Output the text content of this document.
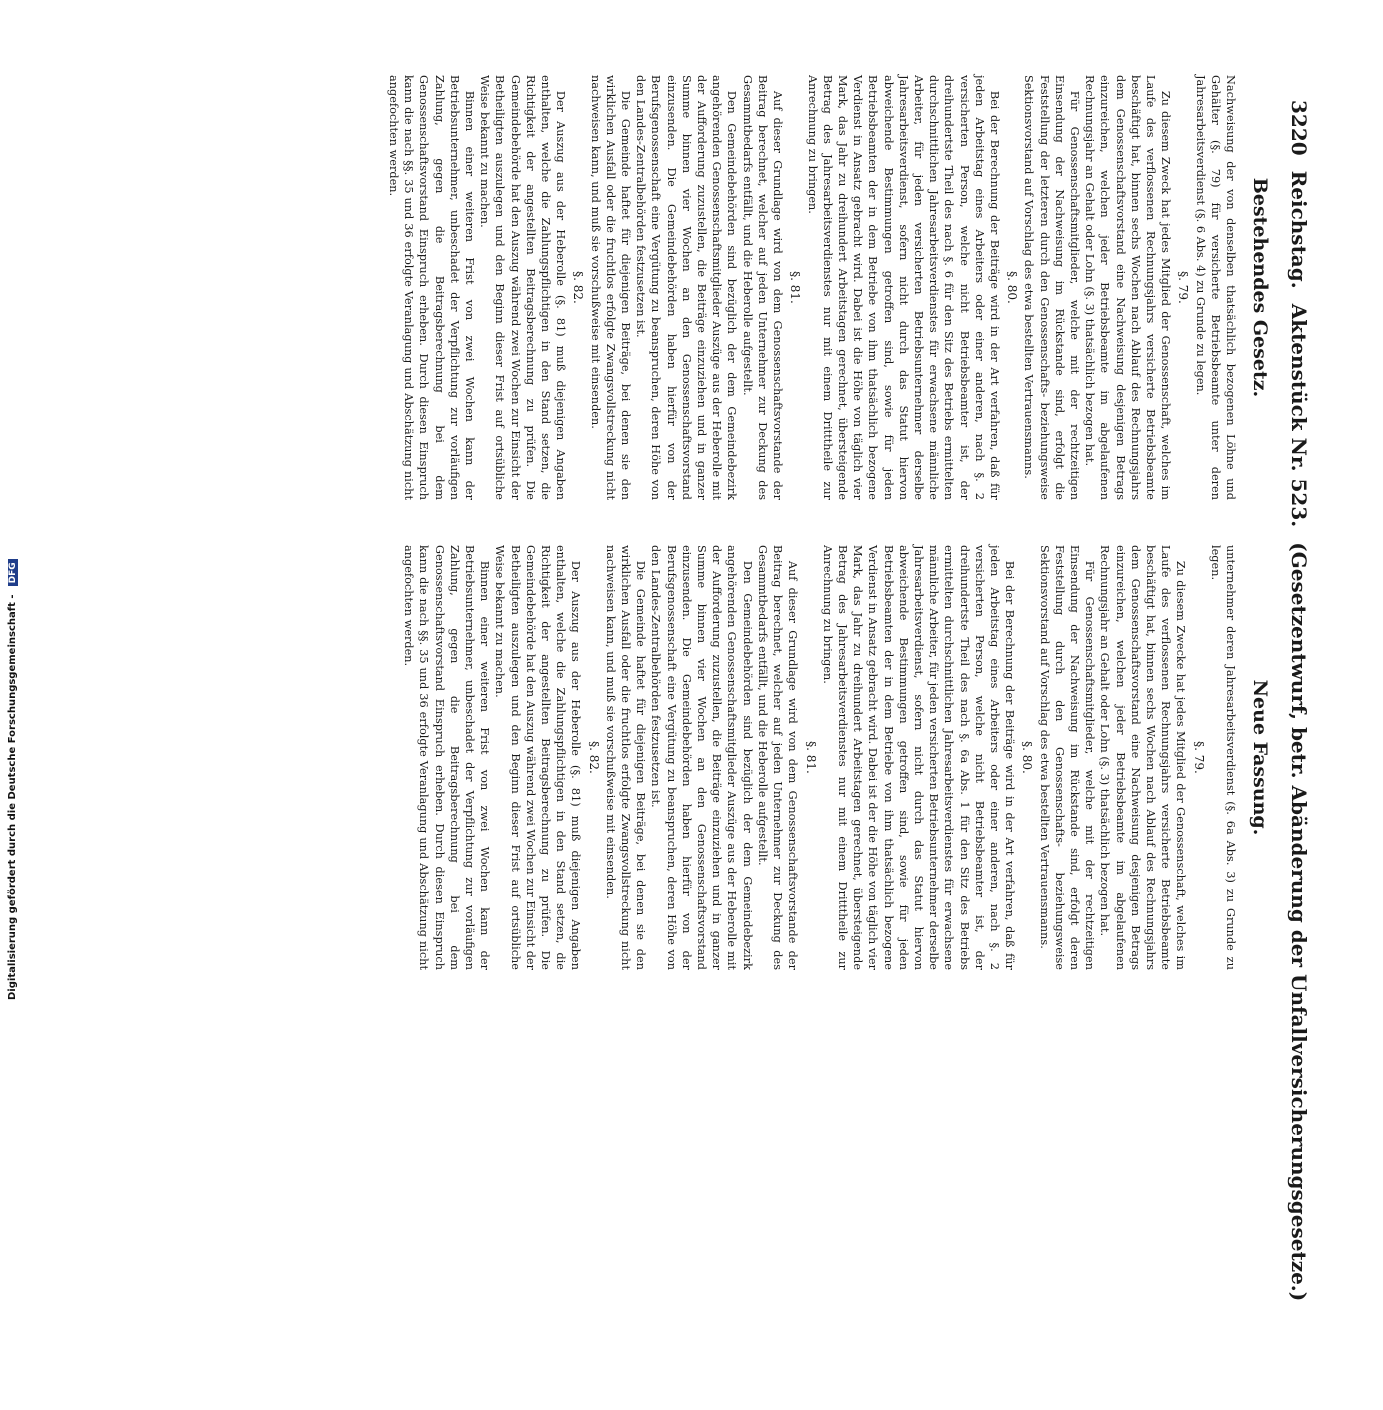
3220 Reichstag. Aktenstück Nr. 523. (Gesetzentwurf, betr. Abänderung der Unfallversicherungsgesetze.)
Bestehendes Gesetz.
Neue Fassung.

Nachweisung der von denselben thatsächlich bezogenen Löhne und Gehälter (§. 79) für versicherte Betriebsbeamte unter deren Jahresarbeitsverdienst (§. 6 Abs. 4) zu Grunde zu legen.

§. 79.

Zu diesem Zweck hat jedes Mitglied der Genossenschaft, welches im Laufe des verflossenen Rechnungsjahrs versicherte Betriebsbeamte beschäftigt hat, binnen sechs Wochen nach Ablauf des Rechnungsjahrs dem Genossenschaftsvorstand eine Nachweisung desjenigen Betrags einzureichen, welchen jeder Betriebsbeamte im abgelaufenen Rechnungsjahr an Gehalt oder Lohn (§. 3) thatsächlich bezogen hat.

Für Genossenschaftsmitglieder, welche mit der rechtzeitigen Einsendung der Nachweisung im Rückstande sind, erfolgt die Feststellung der letzteren durch den Genossenschafts- beziehungsweise Sektionsvorstand auf Vorschlag des etwa bestellten Vertrauensmanns.

§. 80.

Bei der Berechnung der Beiträge wird in der Art verfahren, daß für jeden Arbeitstag eines Arbeiters oder einer anderen, nach §. 2 versicherten Person, welche nicht Betriebsbeamter ist, der dreihundertste Theil des nach §. 6 für den Sitz des Betriebs ermittelten durchschnittlichen Jahresarbeitsverdienstes für erwachsene männliche Arbeiter, für jeden versicherten Betriebsunternehmer derselbe Jahresarbeitsverdienst, sofern nicht durch das Statut hiervon abweichende Bestimmungen getroffen sind, sowie für jeden Betriebsbeamten der in dem Betriebe von ihm thatsächlich bezogene Verdienst in Ansatz gebracht wird. Dabei ist die Höhe von täglich vier Mark, das Jahr zu dreihundert Arbeitstagen gerechnet, übersteigende Betrag des Jahresarbeitsverdienstes nur mit einem Dritttheile zur Anrechnung zu bringen.

§. 81.

Auf dieser Grundlage wird von dem Genossenschaftsvorstande der Beitrag berechnet, welcher auf jeden Unternehmer zur Deckung des Gesammtbedarfs entfällt, und die Heberolle aufgestellt.

Den Gemeindebehörden sind bezüglich der dem Gemeindebezirk angehörenden Genossenschaftsmitglieder Auszüge aus der Heberolle mit der Aufforderung zuzustellen, die Beiträge einzuziehen und in ganzer Summe binnen vier Wochen an den Genossenschaftsvorstand einzusenden. Die Gemeindebehörden haben hierfür von der Berufsgenossenschaft eine Vergütung zu beanspruchen, deren Höhe von den Landes-Zentralbehörden festzusetzen ist.

Die Gemeinde haftet für diejenigen Beiträge, bei denen sie den wirklichen Ausfall oder die fruchtlos erfolgte Zwangsvollstreckung nicht nachweisen kann, und muß sie vorschußweise mit einsenden.

§. 82.

Der Auszug aus der Heberolle (§. 81) muß diejenigen Angaben enthalten, welche die Zahlungspflichtigen in den Stand setzen, die Richtigkeit der angestellten Beitragsberechnung zu prüfen. Die Gemeindebehörde hat den Auszug während zwei Wochen zur Einsicht der Betheiligten auszulegen und den Beginn dieser Frist auf ortsübliche Weise bekannt zu machen.

Binnen einer weiteren Frist von zwei Wochen kann der Betriebsunternehmer, unbeschadet der Verpflichtung zur vorläufigen Zahlung, gegen die Beitragsberechnung bei dem Genossenschaftsvorstand Einspruch erheben. Durch diesen Einspruch kann die nach §§. 35 und 36 erfolgte Veranlagung und Abschätzung nicht angefochten werden.

unternehmer deren Jahresarbeitsverdienst (§. 6a Abs. 3) zu Grunde zu legen.

§. 79.

Zu diesem Zwecke hat jedes Mitglied der Genossenschaft, welches im Laufe des verflossenen Rechnungsjahrs versicherte Betriebsbeamte beschäftigt hat, binnen sechs Wochen nach Ablauf des Rechnungsjahrs dem Genossenschaftsvorstand eine Nachweisung desjenigen Betrags einzureichen, welchen jeder Betriebsbeamte im abgelaufenen Rechnungsjahr an Gehalt oder Lohn (§. 3) thatsächlich bezogen hat.

Für Genossenschaftsmitglieder, welche mit der rechtzeitigen Einsendung der Nachweisung im Rückstande sind, erfolgt deren Feststellung durch den Genossenschafts- beziehungsweise Sektionsvorstand auf Vorschlag des etwa bestellten Vertrauensmanns.

§. 80.

Bei der Berechnung der Beiträge wird in der Art verfahren, daß für jeden Arbeitstag eines Arbeiters oder einer anderen, nach §. 2 versicherten Person, welche nicht Betriebsbeamter ist, der dreihundertste Theil des nach §. 6a Abs. 1 für den Sitz des Betriebs ermittelten durchschnittlichen Jahresarbeitsverdienstes für erwachsene männliche Arbeiter, für jeden versicherten Betriebsunternehmer derselbe Jahresarbeitsverdienst, sofern nicht durch das Statut hiervon abweichende Bestimmungen getroffen sind, sowie für jeden Betriebsbeamten der in dem Betriebe von ihm thatsächlich bezogene Verdienst in Ansatz gebracht wird. Dabei ist der die Höhe von täglich vier Mark, das Jahr zu dreihundert Arbeitstagen gerechnet, übersteigende Betrag des Jahresarbeitsverdienstes nur mit einem Dritttheile zur Anrechnung zu bringen.

§. 81.

Auf dieser Grundlage wird von dem Genossenschaftsvorstande der Beitrag berechnet, welcher auf jeden Unternehmer zur Deckung des Gesammtbedarfs entfällt, und die Heberolle aufgestellt.

Den Gemeindebehörden sind bezüglich der dem Gemeindebezirk angehörenden Genossenschaftsmitglieder Auszüge aus der Heberolle mit der Aufforderung zuzustellen, die Beiträge einzuziehen und in ganzer Summe binnen vier Wochen an den Genossenschaftsvorstand einzusenden. Die Gemeindebehörden haben hierfür von der Berufsgenossenschaft eine Vergütung zu beanspruchen, deren Höhe von den Landes-Zentralbehörden festzusetzen ist.

Die Gemeinde haftet für diejenigen Beiträge, bei denen sie den wirklichen Ausfall oder die fruchtlos erfolgte Zwangsvollstreckung nicht nachweisen kann, und muß sie vorschußweise mit einsenden.

§. 82.

Der Auszug aus der Heberolle (§. 81) muß diejenigen Angaben enthalten, welche die Zahlungspflichtigen in den Stand setzen, die Richtigkeit der angestellten Beitragsberechnung zu prüfen. Die Gemeindebehörde hat den Auszug während zwei Wochen zur Einsicht der Betheiligten auszulegen und den Beginn dieser Frist auf ortsübliche Weise bekannt zu machen.

Binnen einer weiteren Frist von zwei Wochen kann der Betriebsunternehmer, unbeschadet der Verpflichtung zur vorläufigen Zahlung, gegen die Beitragsberechnung bei dem Genossenschaftsvorstand Einspruch erheben. Durch diesen Einspruch kann die nach §§. 35 und 36 erfolgte Veranlagung und Abschätzung nicht angefochten werden.

Digitalisierung gefördert durch die Deutsche Forschungsgemeinschaft - DFG
